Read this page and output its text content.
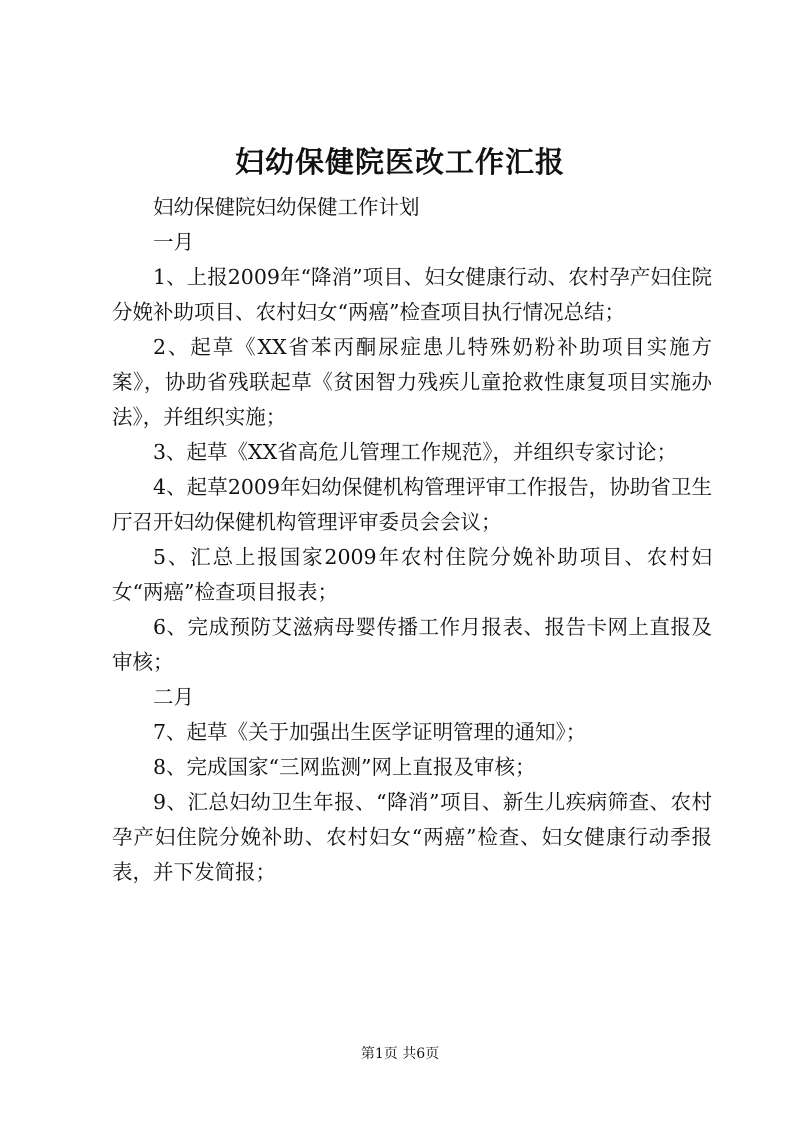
妇幼保健院医改工作汇报

妇幼保健院妇幼保健工作计划

一月

1、上报2009年“降消”项目、妇女健康行动、农村孕产妇住院分娩补助项目、农村妇女“两癌”检查项目执行情况总结；

2、起草《XX省苯丙酮尿症患儿特殊奶粉补助项目实施方案》，协助省残联起草《贫困智力残疾儿童抢救性康复项目实施办法》，并组织实施；

3、起草《XX省高危儿管理工作规范》，并组织专家讨论；

4、起草2009年妇幼保健机构管理评审工作报告，协助省卫生厅召开妇幼保健机构管理评审委员会会议；

5、汇总上报国家2009年农村住院分娩补助项目、农村妇女“两癌”检查项目报表；

6、完成预防艾滋病母婴传播工作月报表、报告卡网上直报及审核；

二月

7、起草《关于加强出生医学证明管理的通知》；

8、完成国家“三网监测”网上直报及审核；

9、汇总妇幼卫生年报、“降消”项目、新生儿疾病筛查、农村孕产妇住院分娩补助、农村妇女“两癌”检查、妇女健康行动季报表，并下发简报；

第1页 共6页
